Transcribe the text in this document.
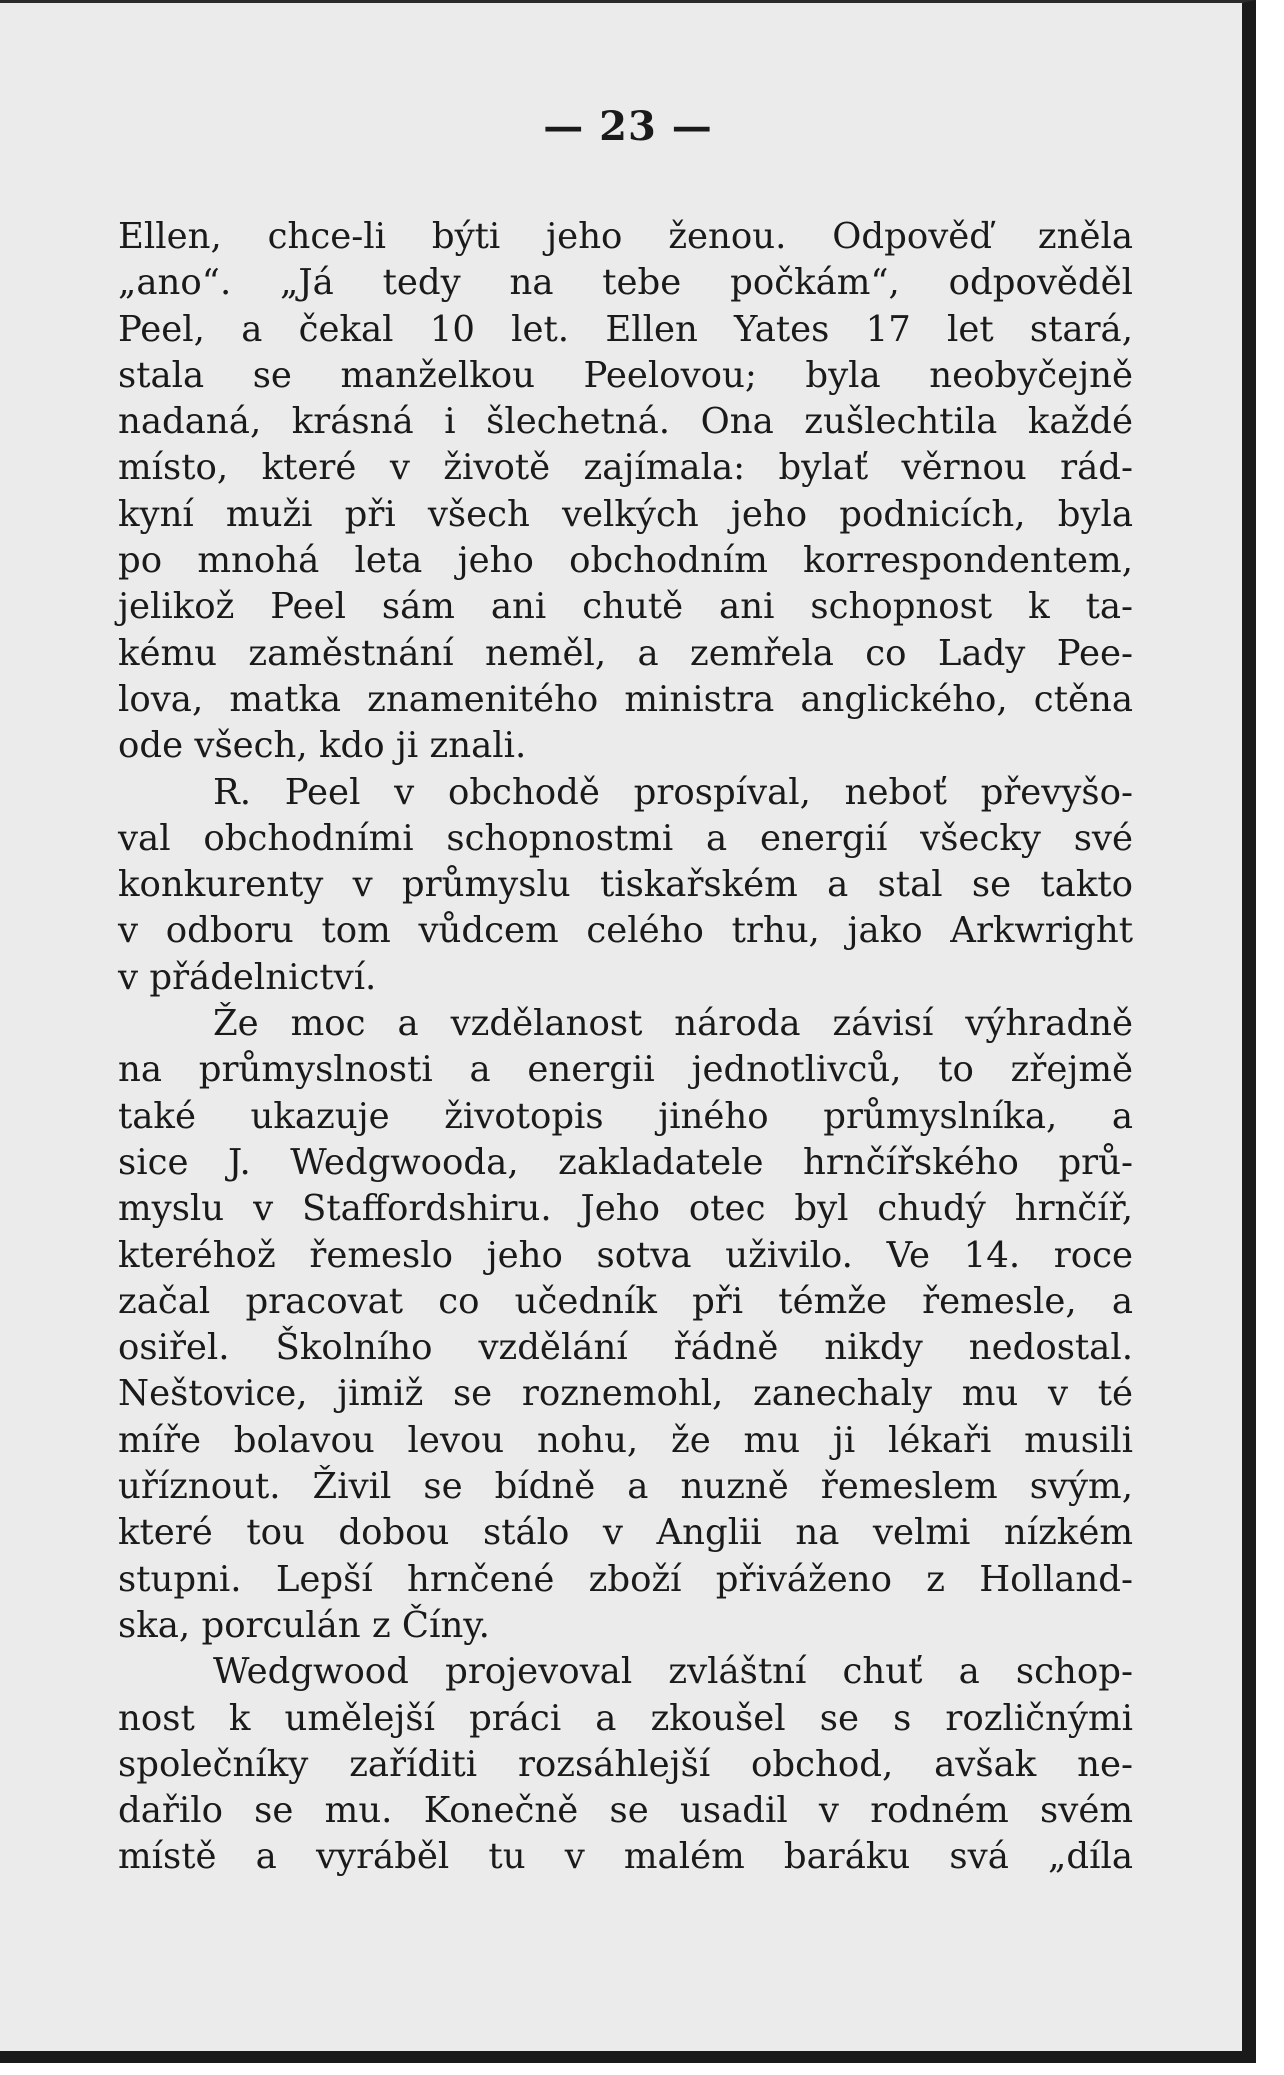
— 23 —
Ellen, chce-li býti jeho ženou. Odpověď zněla
„ano“. „Já tedy na tebe počkám“, odpověděl
Peel, a čekal 10 let. Ellen Yates 17 let stará,
stala se manželkou Peelovou; byla neobyčejně
nadaná, krásná i šlechetná. Ona zušlechtila každé
místo, které v životě zajímala: bylať věrnou rád-
kyní muži při všech velkých jeho podnicích, byla
po mnohá leta jeho obchodním korrespondentem,
jelikož Peel sám ani chutě ani schopnost k ta-
kému zaměstnání neměl, a zemřela co Lady Pee-
lova, matka znamenitého ministra anglického, ctěna
ode všech, kdo ji znali.
R. Peel v obchodě prospíval, neboť převyšo-
val obchodními schopnostmi a energií všecky své
konkurenty v průmyslu tiskařském a stal se takto
v odboru tom vůdcem celého trhu, jako Arkwright
v přádelnictví.
Že moc a vzdělanost národa závisí výhradně
na průmyslnosti a energii jednotlivců, to zřejmě
také ukazuje životopis jiného průmyslníka, a
sice J. Wedgwooda, zakladatele hrnčířského prů-
myslu v Staffordshiru. Jeho otec byl chudý hrnčíř,
kteréhož řemeslo jeho sotva uživilo. Ve 14. roce
začal pracovat co učedník při témže řemesle, a
osiřel. Školního vzdělání řádně nikdy nedostal.
Neštovice, jimiž se roznemohl, zanechaly mu v té
míře bolavou levou nohu, že mu ji lékaři musili
uříznout. Živil se bídně a nuzně řemeslem svým,
které tou dobou stálo v Anglii na velmi nízkém
stupni. Lepší hrnčené zboží přiváženo z Holland-
ska, porculán z Číny.
Wedgwood projevoval zvláštní chuť a schop-
nost k umělejší práci a zkoušel se s rozličnými
společníky zaříditi rozsáhlejší obchod, avšak ne-
dařilo se mu. Konečně se usadil v rodném svém
místě a vyráběl tu v malém baráku svá „díla
